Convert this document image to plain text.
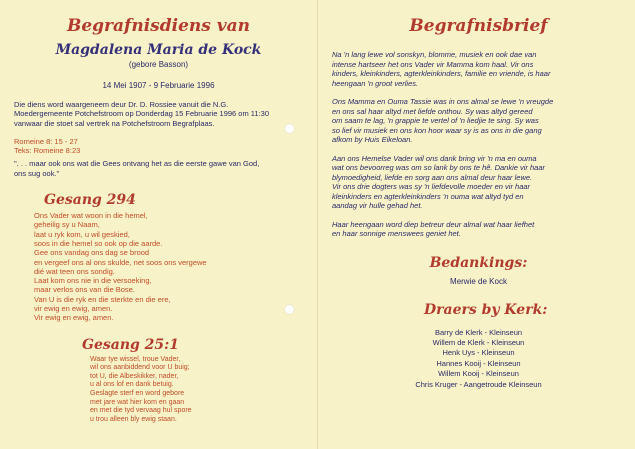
Begrafnisdiens van
Magdalena Maria de Kock
(gebore Basson)
14 Mei 1907 - 9 Februarie 1996
Die diens word waargeneem deur Dr. D. Rossiee vanuit die N.G.
Moedergemeente Potchefstroom op Donderdag 15 Februarie 1996 om 11:30
vanwaar die stoet sal vertrek na Potchefstroom Begrafplaas.
Romeine 8: 15 - 27
Teks: Romeine 8:23
". . . maar ook ons wat die Gees ontvang het as die eerste gawe van God,
ons sug ook."
Gesang 294
Ons Vader wat woon in die hemel,
geheilig sy u Naam,
laat u ryk kom, u wil geskied,
soos in die hemel so ook op die aarde.
Gee ons vandag ons dag se brood
en vergeef ons al ons skulde, net soos ons vergewe
dié wat teen ons sondig.
Laat kom ons nie in die versoeking,
maar verlos ons van die Bose.
Van U is die ryk en die sterkte en die ere,
vir ewig en ewig, amen.
Vir ewig en ewig, amen.
Gesang 25:1
Waar tye wissel, troue Vader,
wil ons aanbiddend voor U buig;
tot U, die Albeskikker, nader,
u al ons lof en dank betuig.
Geslagte sterf en word gebore
met jare wat hier kom en gaan
en met die tyd vervaag hul spore
u trou alleen bly ewig staan.
Begrafnisbrief
Na 'n lang lewe vol sonskyn, blomme, musiek en ook dae van
intense hartseer het ons Vader vir Mamma kom haal. Vir ons
kinders, kleinkinders, agterkleinkinders, familie en vriende, is haar
heengaan 'n groot verlies.
Ons Mamma en Ouma Tassie was in ons almal se lewe 'n vreugde
en ons sal haar altyd met liefde onthou. Sy was altyd gereed
om saam te lag, 'n grappie te vertel of 'n liedjie te sing. Sy was
so lief vir musiek en ons kon hoor waar sy is as ons in die gang
afkom by Huis Eikeloan.
Aan ons Hemelse Vader wil ons dank bring vir 'n ma en ouma
wat ons bevoorreg was om so lank by ons te hê. Dankie vir haar
blymoedigheid, liefde en sorg aan ons almal deur haar lewe.
Vir ons drie dogters was sy 'n liefdevolle moeder en vir haar
kleinkinders en agterkleinkinders 'n ouma wat altyd tyd en
aandag vir hulle gehad het.
Haar heengaan word diep betreur deur almal wat haar liefhet
en haar sonnige menswees geniet het.
Bedankings:
Merwie de Kock
Draers by Kerk:
Barry de Klerk - Kleinseun
Willem de Klerk - Kleinseun
Henk Uys - Kleinseun
Hannes Kooij - Kleinseun
Willem Kooij - Kleinseun
Chris Kruger - Aangetroude Kleinseun
